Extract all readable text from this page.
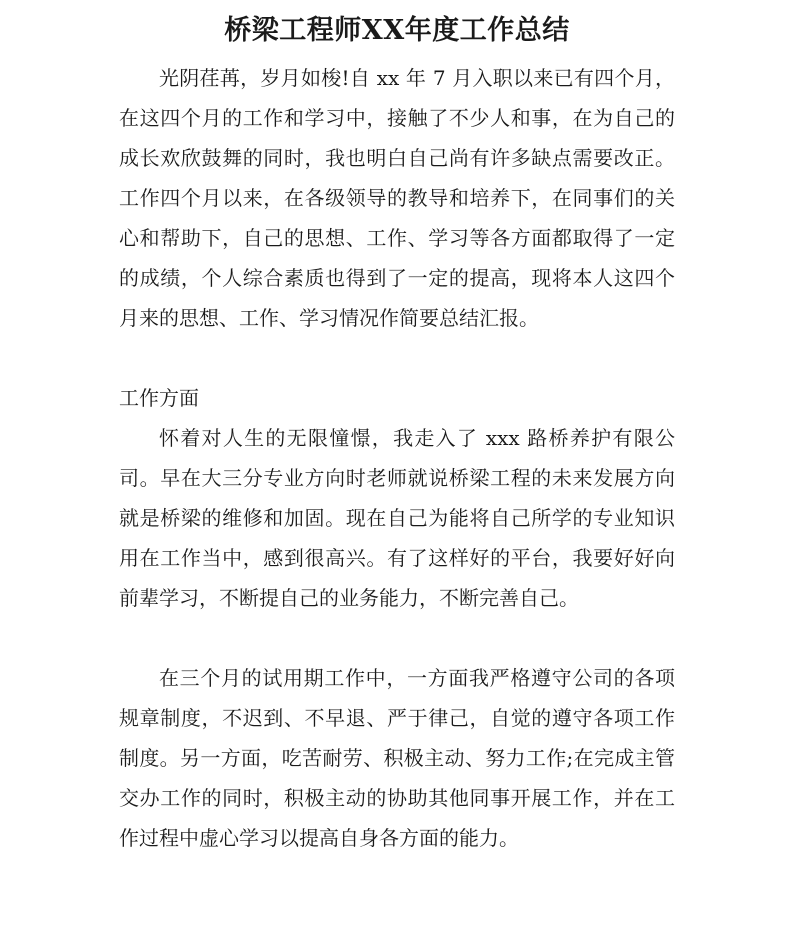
桥梁工程师XX年度工作总结

光阴荏苒，岁月如梭!自 xx 年 7 月入职以来已有四个月，在这四个月的工作和学习中，接触了不少人和事，在为自己的成长欢欣鼓舞的同时，我也明白自己尚有许多缺点需要改正。工作四个月以来，在各级领导的教导和培养下，在同事们的关心和帮助下，自己的思想、工作、学习等各方面都取得了一定的成绩，个人综合素质也得到了一定的提高，现将本人这四个月来的思想、工作、学习情况作简要总结汇报。

工作方面

怀着对人生的无限憧憬，我走入了 xxx 路桥养护有限公司。早在大三分专业方向时老师就说桥梁工程的未来发展方向就是桥梁的维修和加固。现在自己为能将自己所学的专业知识用在工作当中，感到很高兴。有了这样好的平台，我要好好向前辈学习，不断提自己的业务能力，不断完善自己。

在三个月的试用期工作中，一方面我严格遵守公司的各项规章制度，不迟到、不早退、严于律己，自觉的遵守各项工作制度。另一方面，吃苦耐劳、积极主动、努力工作;在完成主管交办工作的同时，积极主动的协助其他同事开展工作，并在工作过程中虚心学习以提高自身各方面的能力。
